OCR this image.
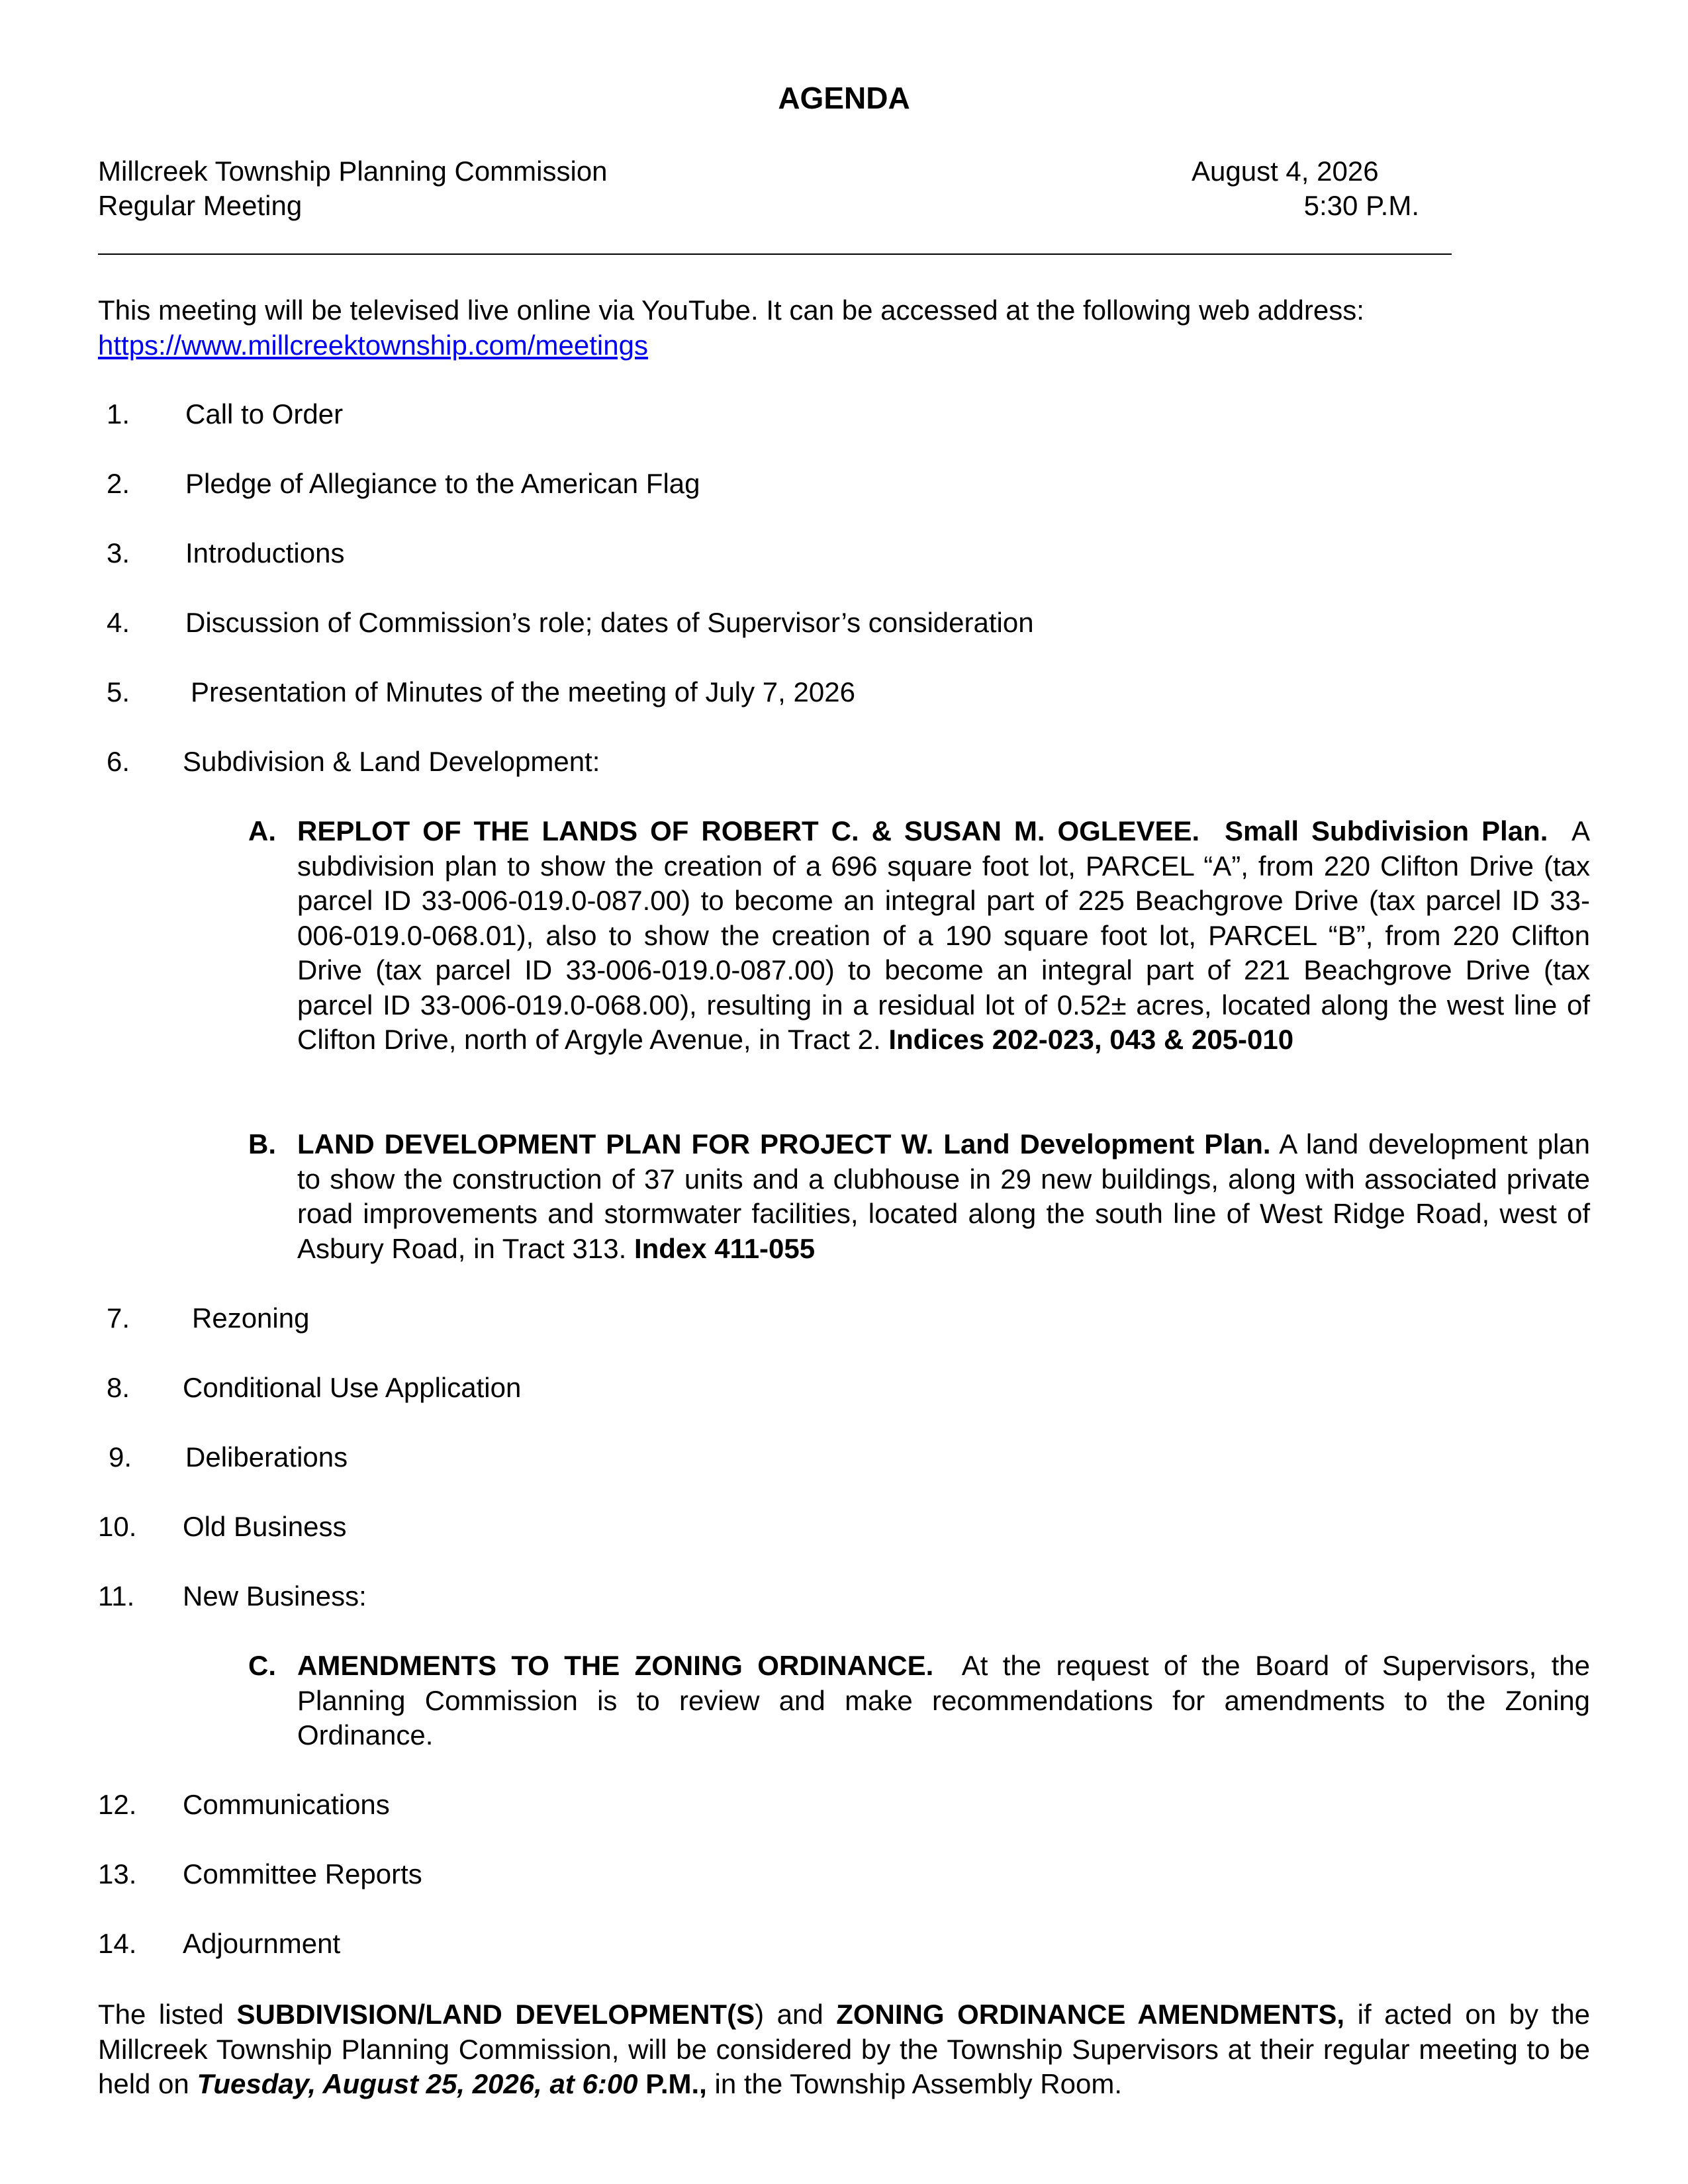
AGENDA
Millcreek Township Planning Commission	August 4, 2026
Regular Meeting	5:30 P.M.
This meeting will be televised live online via YouTube. It can be accessed at the following web address: https://www.millcreektownship.com/meetings
1. Call to Order
2. Pledge of Allegiance to the American Flag
3. Introductions
4. Discussion of Commission’s role; dates of Supervisor’s consideration
5. Presentation of Minutes of the meeting of July 7, 2026
6. Subdivision & Land Development:
A. REPLOT OF THE LANDS OF ROBERT C. & SUSAN M. OGLEVEE. Small Subdivision Plan. A subdivision plan to show the creation of a 696 square foot lot, PARCEL “A”, from 220 Clifton Drive (tax parcel ID 33-006-019.0-087.00) to become an integral part of 225 Beachgrove Drive (tax parcel ID 33-006-019.0-068.01), also to show the creation of a 190 square foot lot, PARCEL “B”, from 220 Clifton Drive (tax parcel ID 33-006-019.0-087.00) to become an integral part of 221 Beachgrove Drive (tax parcel ID 33-006-019.0-068.00), resulting in a residual lot of 0.52± acres, located along the west line of Clifton Drive, north of Argyle Avenue, in Tract 2. Indices 202-023, 043 & 205-010

B. LAND DEVELOPMENT PLAN FOR PROJECT W. Land Development Plan. A land development plan to show the construction of 37 units and a clubhouse in 29 new buildings, along with associated private road improvements and stormwater facilities, located along the south line of West Ridge Road, west of Asbury Road, in Tract 313. Index 411-055

7. Rezoning
8. Conditional Use Application
9. Deliberations
10. Old Business
11. New Business:
C. AMENDMENTS TO THE ZONING ORDINANCE. At the request of the Board of Supervisors, the Planning Commission is to review and make recommendations for amendments to the Zoning Ordinance.

12. Communications
13. Committee Reports
14. Adjournment
The listed SUBDIVISION/LAND DEVELOPMENT(S) and ZONING ORDINANCE AMENDMENTS, if acted on by the Millcreek Township Planning Commission, will be considered by the Township Supervisors at their regular meeting to be held on Tuesday, August 25, 2026, at 6:00 P.M., in the Township Assembly Room.
